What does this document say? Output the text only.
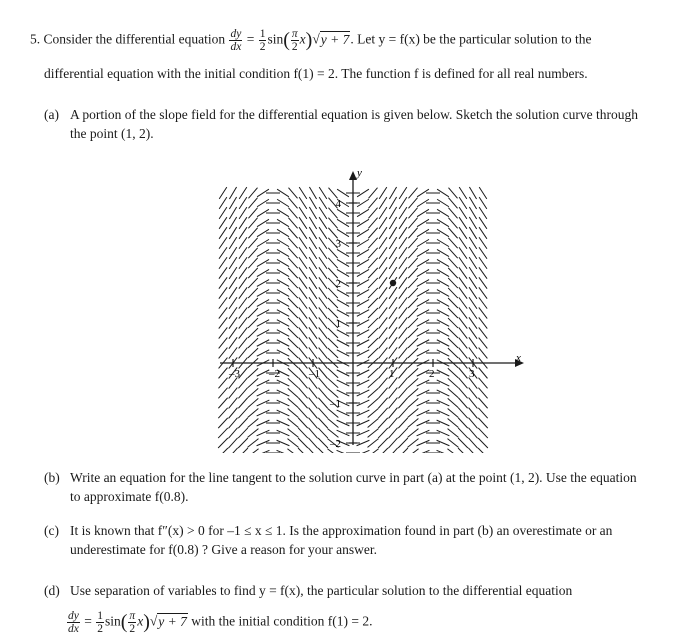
5. Consider the differential equation $\frac{dy}{dx} = \frac{1}{2} \sin( \frac{\pi}{2} x)√y + 7$. Let y = f(x) be the particular solution to the
differential equation with the initial condition f(1) = 2. The function f is defined for all real numbers.
(a) A portion of the slope field for the differential equation is given below. Sketch the solution curve through
the point (1, 2).
y
x
–3	–2	–1	1	2	3
4
3
2
1
–1
–2
(b) Write an equation for the line tangent to the solution curve in part (a) at the point (1, 2). Use the equation
to approximate f(0.8).
(c) It is known that f″(x) > 0 for –1 ≤ x ≤ 1. Is the approximation found in part (b) an overestimate or an
underestimate for f(0.8) ? Give a reason for your answer.
(d) Use separation of variables to find y = f(x), the particular solution to the differential equation
$\frac{dy}{dx} = \frac{1}{2} \sin( \frac{\pi}{2} x)√y + 7$ with the initial condition f(1) = 2.
